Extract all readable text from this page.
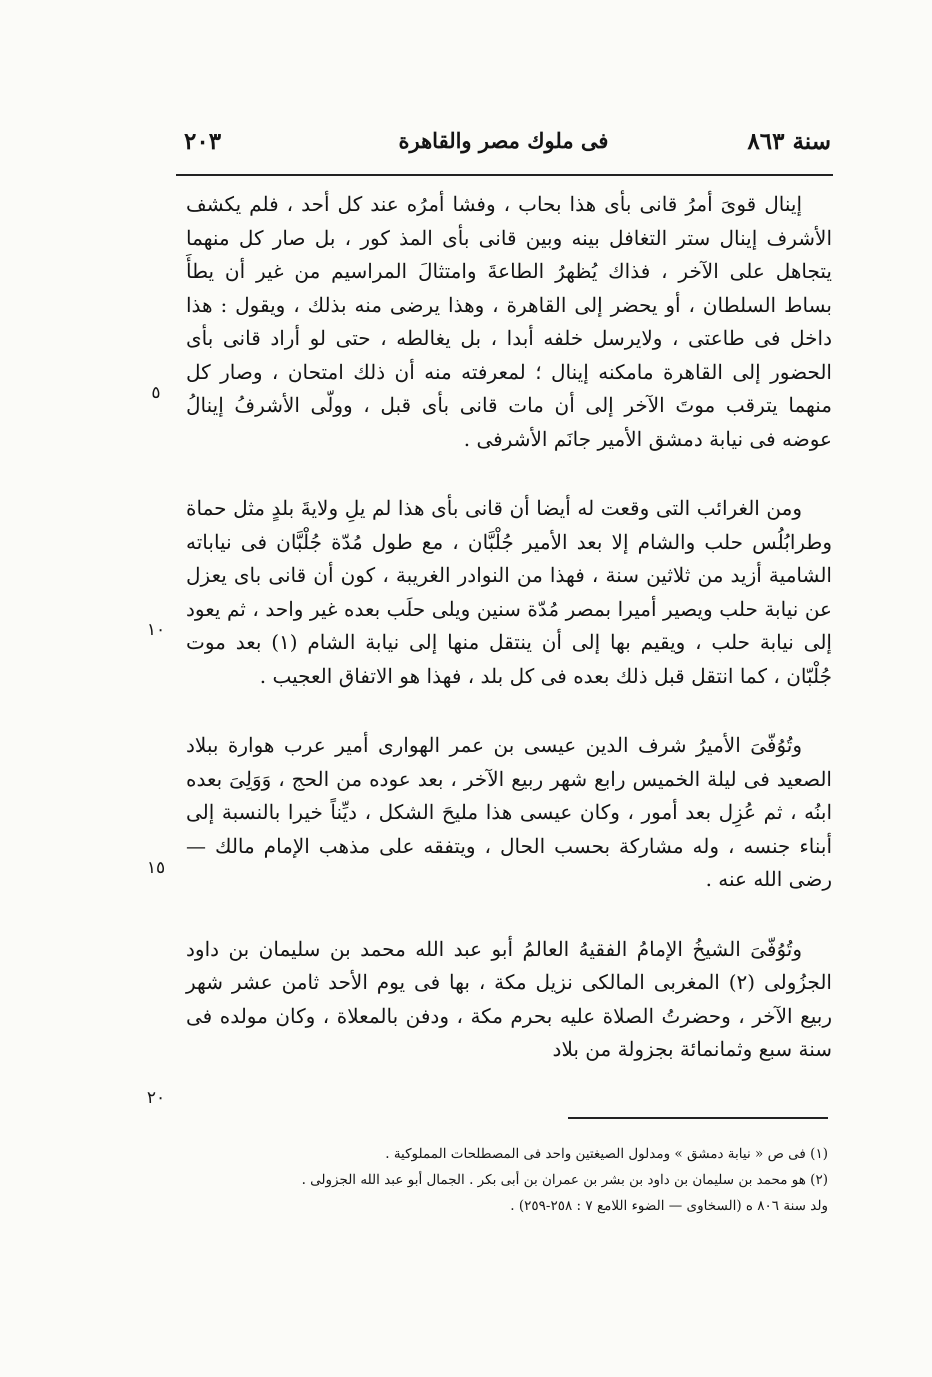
سنة ٨٦٣
فى ملوك مصر والقاهرة
٢٠٣

إينال قوىَ أمرُ قانى بأى هذا بحاب ، وفشا أمرُه عند كل أحد ، فلم يكشف الأشرف إينال ستر التغافل بينه وبين قانى بأى المذ كور ، بل صار كل منهما يتجاهل على الآخر ، فذاك يُظهرُ الطاعةَ وامتثالَ المراسيم من غير أن يطأَ بساط السلطان ، أو يحضر إلى القاهرة ، وهذا يرضى منه بذلك ، ويقول : هذا داخل فى طاعتى ، ولايرسل خلفه أبدا ، بل يغالطه ، حتى لو أراد قانى بأى الحضور إلى القاهرة مامكنه إينال ؛ لمعرفته منه أن ذلك امتحان ، وصار كل منهما يترقب موتَ الآخر إلى أن مات قانى بأى قبل ، وولّى الأشرفُ إينالُ عوضه فى نيابة دمشق الأمير جانَم الأشرفى .

ومن الغرائب التى وقعت له أيضا أن قانى بأى هذا لم يلِ ولايةَ بلدٍ مثل حماة وطرابُلُس حلب والشام إلا بعد الأمير جُلْبَّان ، مع طول مُدّة جُلْبَّان فى نياباته الشامية أزيد من ثلاثين سنة ، فهذا من النوادر الغريبة ، كون أن قانى باى يعزل عن نيابة حلب ويصير أميرا بمصر مُدّة سنين ويلى حلَب بعده غير واحد ، ثم يعود إلى نيابة حلب ، ويقيم بها إلى أن ينتقل منها إلى نيابة الشام (١) بعد موت جُلْبّان ، كما انتقل قبل ذلك بعده فى كل بلد ، فهذا هو الاتفاق العجيب .

وتُوُفّىَ الأميرُ شرف الدين عيسى بن عمر الهوارى أمير عرب هوارة ببلاد الصعيد فى ليلة الخميس رابع شهر ربيع الآخر ، بعد عوده من الحج ، وَوَلِىَ بعده ابنُه ، ثم عُزِل بعد أمور ، وكان عيسى هذا مليحَ الشكل ، ديِّناً خيرا بالنسبة إلى أبناء جنسه ، وله مشاركة بحسب الحال ، ويتفقه على مذهب الإمام مالك — رضى الله عنه .

وتُوُفّىَ الشيخُ الإمامُ الفقيهُ العالمُ أبو عبد الله محمد بن سليمان بن داود الجزُولى (٢) المغربى المالكى نزيل مكة ، بها فى يوم الأحد ثامن عشر شهر ربيع الآخر ، وحضرتُ الصلاة عليه بحرم مكة ، ودفن بالمعلاة ، وكان مولده فى سنة سبع وثمانمائة بجزولة من بلاد

٥
١٠
١٥
٢٠

(١) فى ص « نيابة دمشق » ومدلول الصيغتين واحد فى المصطلحات المملوكية .

(٢) هو محمد بن سليمان بن داود بن بشر بن عمران بن أبى بكر . الجمال أبو عبد الله الجزولى .

ولد سنة ٨٠٦ ه (السخاوى — الضوء اللامع ٧ : ٢٥٨-٢٥٩) .
